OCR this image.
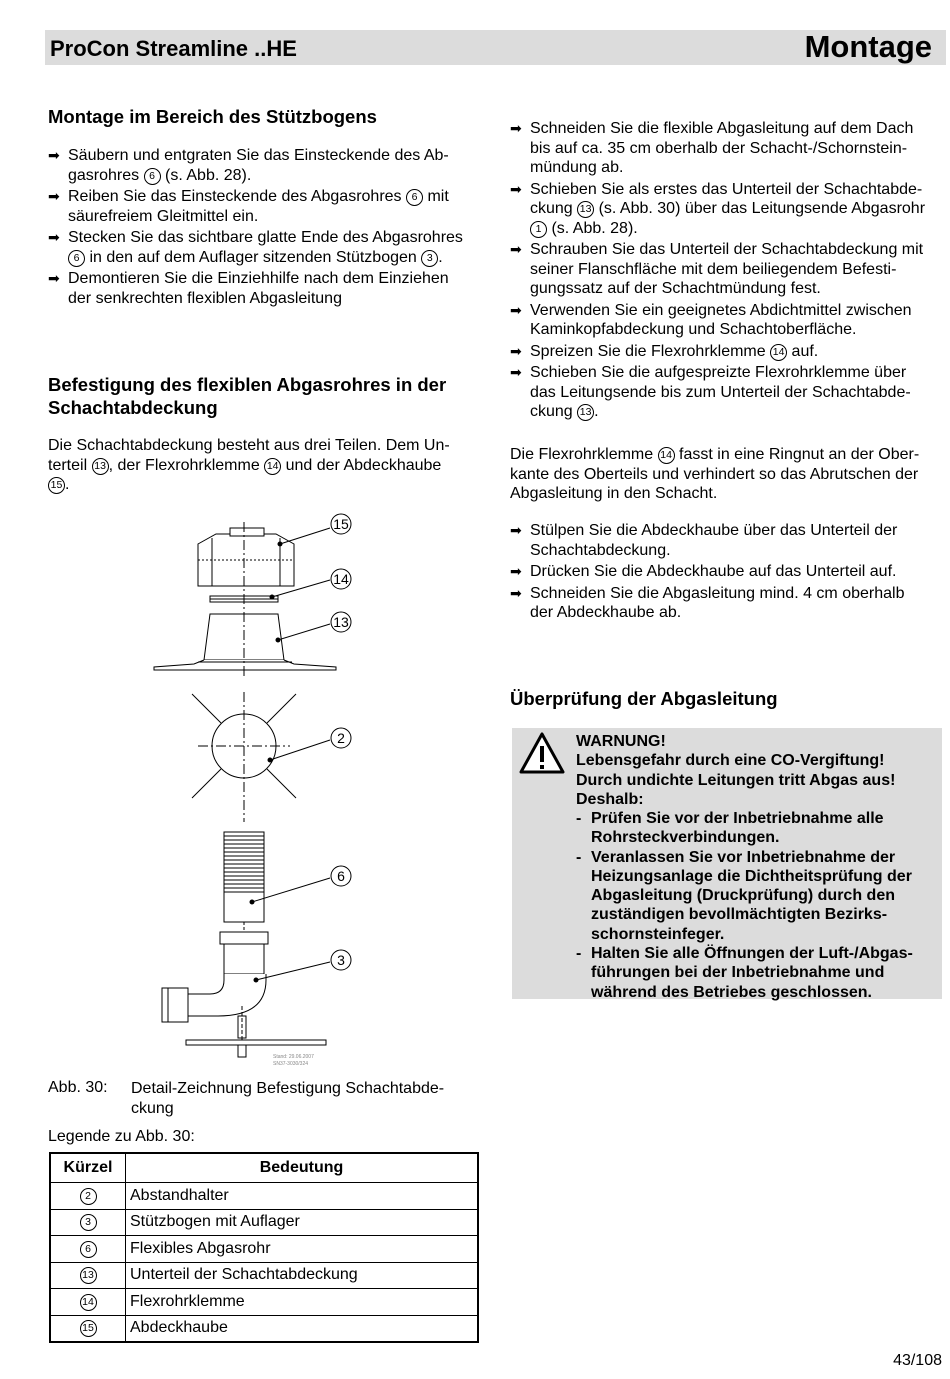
ProCon Streamline ..HE	Montage
Montage im Bereich des Stützbogens
➡ Säubern und entgraten Sie das Einsteckende des Ab-
gasrohres 6 (s. Abb. 28).
➡ Reiben Sie das Einsteckende des Abgasrohres 6 mit
säurefreiem Gleitmittel ein.
➡ Stecken Sie das sichtbare glatte Ende des Abgasrohres
6 in den auf dem Auflager sitzenden Stützbogen 3 .
➡ Demontieren Sie die Einziehhilfe nach dem Einziehen
der senkrechten flexiblen Abgasleitung
Befestigung des flexiblen Abgasrohres in der
Schachtabdeckung

Die Schachtabdeckung besteht aus drei Teilen. Dem Un-
terteil 13 , der Flexrohrklemme 14 und der Abdeckhaube
15 .

15
14
13
2
6
3
Stand: 29.06.2007
SN37-3030/324
Abb. 30: Detail-Zeichnung Befestigung Schachtabde-ckung
Legende zu Abb. 30:
Kürzel	Bedeutung
2	Abstandhalter
3	Stützbogen mit Auflager
6	Flexibles Abgasrohr
13	Unterteil der Schachtabdeckung
14	Flexrohrklemme
15	Abdeckhaube
➡ Schneiden Sie die flexible Abgasleitung auf dem Dach
bis auf ca. 35 cm oberhalb der Schacht-/Schornstein-
mündung ab.
➡ Schieben Sie als erstes das Unterteil der Schachtabde-
ckung 13 (s. Abb. 30) über das Leitungsende Abgasrohr
1 (s. Abb. 28).
➡ Schrauben Sie das Unterteil der Schachtabdeckung mit
seiner Flanschfläche mit dem beiliegendem Befesti-
gungssatz auf der Schachtmündung fest.
➡ Verwenden Sie ein geeignetes Abdichtmittel zwischen
Kaminkopfabdeckung und Schachtoberfläche.
➡ Spreizen Sie die Flexrohrklemme 14 auf.
➡ Schieben Sie die aufgespreizte Flexrohrklemme über
das Leitungsende bis zum Unterteil der Schachtabde-
ckung 13 .

Die Flexrohrklemme 14 fasst in eine Ringnut an der Ober-
kante des Oberteils und verhindert so das Abrutschen der
Abgasleitung in den Schacht.

➡ Stülpen Sie die Abdeckhaube über das Unterteil der
Schachtabdeckung.
➡ Drücken Sie die Abdeckhaube auf das Unterteil auf.
➡ Schneiden Sie die Abgasleitung mind. 4 cm oberhalb
der Abdeckhaube ab.
Überprüfung der Abgasleitung
WARNUNG!
Lebensgefahr durch eine CO-Vergiftung!
Durch undichte Leitungen tritt Abgas aus!
Deshalb:
- Prüfen Sie vor der Inbetriebnahme alle
Rohrsteckverbindungen.
- Veranlassen Sie vor Inbetriebnahme der
Heizungsanlage die Dichtheitsprüfung der
Abgasleitung (Druckprüfung) durch den
zuständigen bevollmächtigten Bezirks-
schornsteinfeger.
- Halten Sie alle Öffnungen der Luft-/Abgas-
führungen bei der Inbetriebnahme und
während des Betriebes geschlossen.
43/108
